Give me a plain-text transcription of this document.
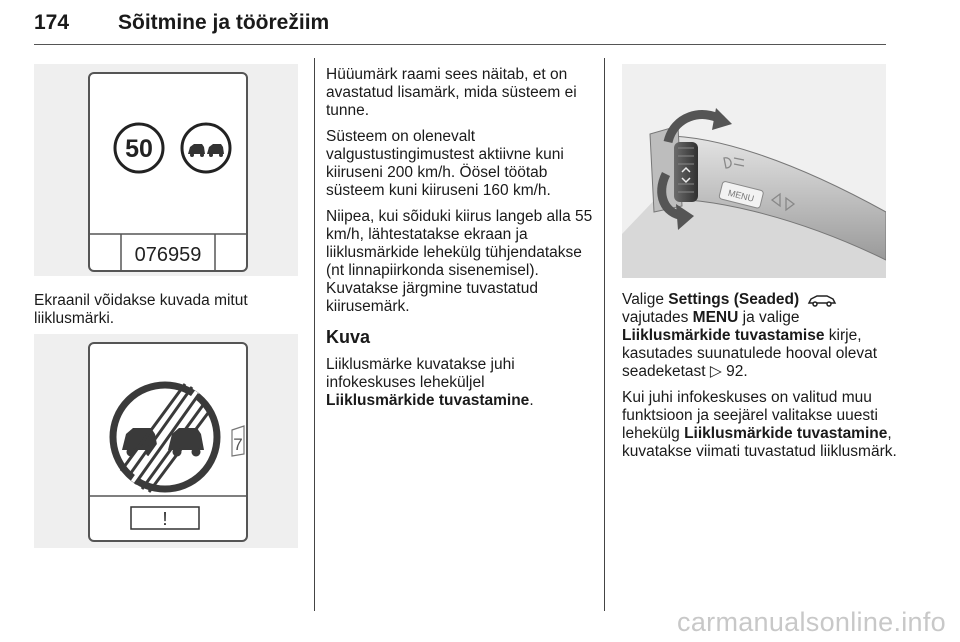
174 Sõitmine ja töörežiim
50
076959
!
7
MENU

Ekraanil võidakse kuvada mitut liiklusmärki.

Hüüumärk raami sees näitab, et on avastatud lisamärk, mida süsteem ei tunne.

Süsteem on olenevalt valgustustingimustest aktiivne kuni kiiruseni 200 km/h. Öösel töötab süsteem kuni kiiruseni 160 km/h.

Niipea, kui sõiduki kiirus langeb alla 55 km/h, lähtestatakse ekraan ja liiklusmärkide lehekülg tühjendatakse (nt linnapiirkonda sisenemisel). Kuvatakse järgmine tuvastatud kiirusemärk.

Kuva

Liiklusmärke kuvatakse juhi infokeskuses leheküljel Liiklusmärkide tuvastamine.

Valige Settings (Seaded)
vajutades MENU ja valige
Liiklusmärkide tuvastamise kirje, kasutades suunatulede hooval olevat seadeketast ▷ 92.

Kui juhi infokeskuses on valitud muu funktsioon ja seejärel valitakse uuesti lehekülg Liiklusmärkide tuvastamine, kuvatakse viimati tuvastatud liiklusmärk.

carmanualsonline.info
